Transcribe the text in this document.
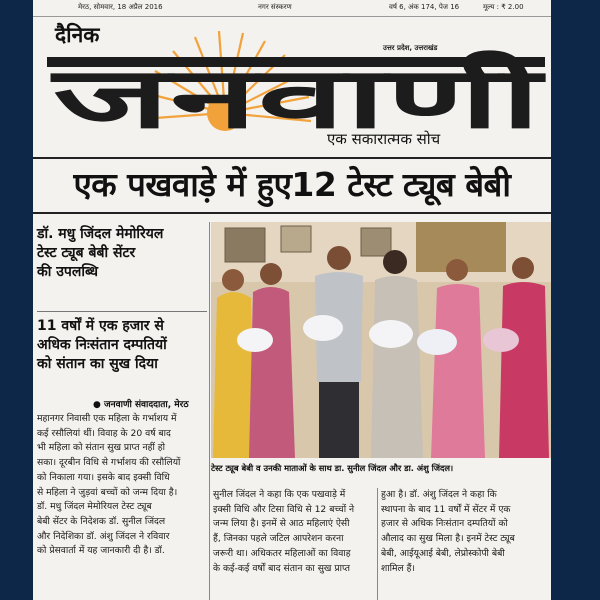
मेरठ, सोमवार, 18 अप्रैल 2016	नगर संस्करण	वर्ष 6, अंक 174, पेज 16	मूल्य : ₹ 2.00
जनवाणी
दैनिक
उत्तर प्रदेश, उत्तराखंड
एक सकारात्मक सोच
एक पखवाड़े में हुए12 टेस्ट ट्यूब बेबी
डॉ. मधु जिंदल मेमोरियल
टेस्ट ट्यूब बेबी सेंटर
की उपलब्धि
11 वर्षों में एक हजार से
अधिक निःसंतान दम्पतियों
को संतान का सुख दिया
● जनवाणी संवाददाता, मेरठ
महानगर निवासी एक महिला के गर्भाशय में
कई रसौलियां थीं। विवाह के 20 वर्ष बाद
भी महिला को संतान सुख प्राप्त नहीं हो
सका। दूरबीन विधि से गर्भाशय की रसौलियों
को निकाला गया। इसके बाद इक्सी विधि
से महिला ने जुड़वां बच्चों को जन्म दिया है।
डॉ. मधु जिंदल मेमोरियल टेस्ट ट्यूब
बेबी सेंटर के निदेशक डॉ. सुनील जिंदल
और निदेशिका डॉ. अंशु जिंदल ने रविवार
को प्रेसवार्ता में यह जानकारी दी है। डॉ.
टेस्ट ट्यूब बेबी व उनकी माताओं के साथ डा. सुनील जिंदल और डा. अंशु जिंदल।
सुनील जिंदल ने कहा कि एक पखवाड़े में
इक्सी विधि और टिसा विधि से 12 बच्चों ने
जन्म लिया है। इनमें से आठ महिलाएं ऐसी
हैं, जिनका पहले जटिल आपरेशन करना
जरूरी था। अधिकतर महिलाओं का विवाह
के कई-कई वर्षों बाद संतान का सुख प्राप्त
हुआ है। डॉ. अंशु जिंदल ने कहा कि
स्थापना के बाद 11 वर्षों में सेंटर में एक
हजार से अधिक निःसंतान दम्पतियों को
औलाद का सुख मिला है। इनमें टेस्ट ट्यूब
बेबी, आईयूआई बेबी, लेप्रोस्कोपी बेबी
शामिल हैं।
